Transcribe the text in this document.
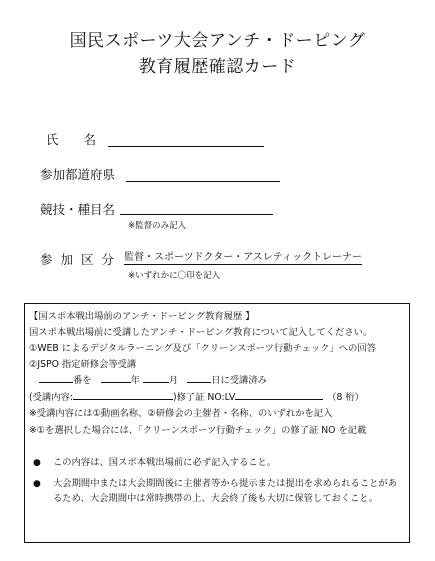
国民スポーツ大会アンチ・ドーピング
教育履歴確認カード
氏　　名
参加都道府県
競技・種目名
※監督のみ記入
参 加 区 分 監督・スポーツドクター・アスレティックトレーナー
※いずれかに〇印を記入
【国スポ本戦出場前のアンチ・ドーピング教育履歴 】
国スポ本戦出場前に受講したアンチ・ドーピング教育について記入してください。
①WEB によるデジタルラーニング及び「クリーンスポーツ行動チェック」への回答
②JSPO 指定研修会等受講
番を	年	月	日に受講済み
(受講内容:	)修了証 NO:LV	（8 桁）
※受講内容には①動画名称、②研修会の主催者・名称、のいずれかを記入
※①を選択した場合には、「クリーンスポーツ行動チェック」の修了証 NO を記載
● この内容は、国スポ本戦出場前に必ず記入すること。
● 大会期間中または大会期間後に主催者等から提示または提出を求められることがあるため、大会期間中は常時携帯の上、大会終了後も大切に保管しておくこと。
